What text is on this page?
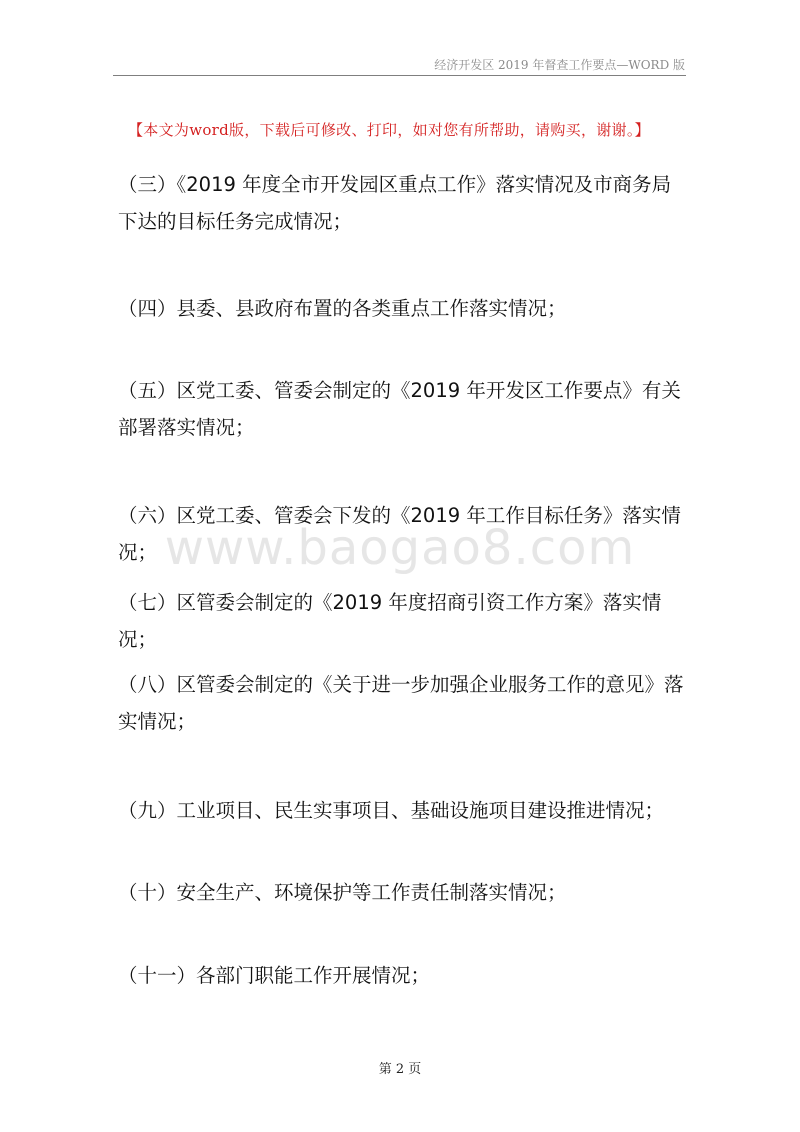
经济开发区 2019 年督查工作要点—WORD 版
【本文为word版，下载后可修改、打印，如对您有所帮助，请购买，谢谢。】

（三）《2019 年度全市开发园区重点工作》落实情况及市商务局下达的目标任务完成情况；

（四）县委、县政府布置的各类重点工作落实情况；

（五）区党工委、管委会制定的《2019 年开发区工作要点》有关部署落实情况；

（六）区党工委、管委会下发的《2019 年工作目标任务》落实情况； www.baogao8.com

（七）区管委会制定的《2019 年度招商引资工作方案》落实情况；

（八）区管委会制定的《关于进一步加强企业服务工作的意见》落实情况；

（九）工业项目、民生实事项目、基础设施项目建设推进情况；

（十）安全生产、环境保护等工作责任制落实情况；

（十一）各部门职能工作开展情况；

第 2 页
